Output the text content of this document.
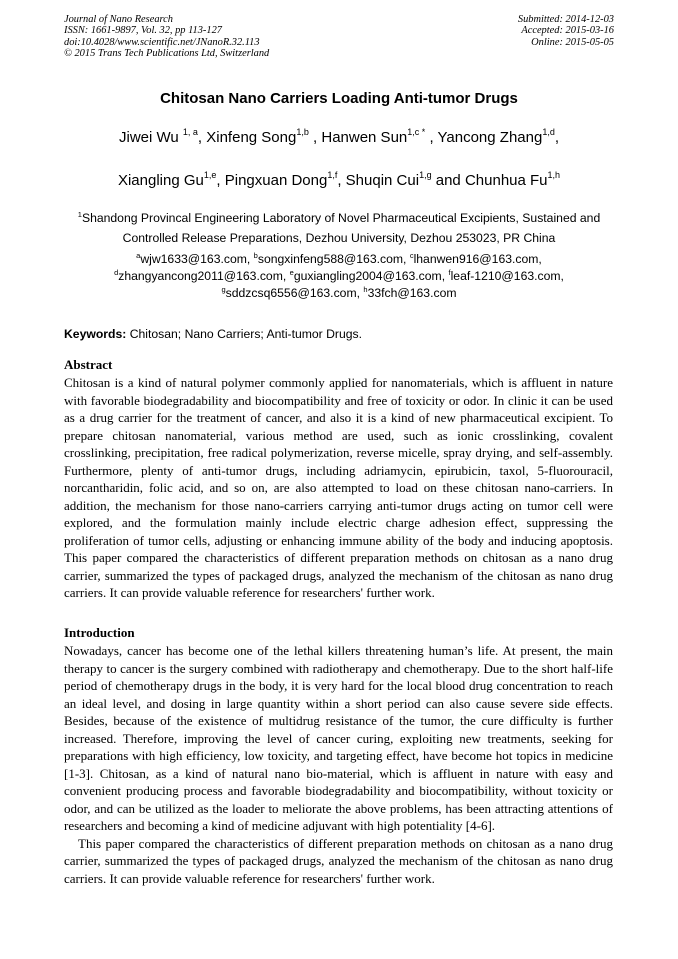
Journal of Nano Research
ISSN: 1661-9897, Vol. 32, pp 113-127
doi:10.4028/www.scientific.net/JNanoR.32.113
© 2015 Trans Tech Publications Ltd, Switzerland
Submitted: 2014-12-03
Accepted: 2015-03-16
Online: 2015-05-05
Chitosan Nano Carriers Loading Anti-tumor Drugs
Jiwei Wu $^{1, a}$, Xinfeng Song$^{1,b}$ , Hanwen Sun$^{1,c *}$ , Yancong Zhang$^{1,d}$,
Xiangling Gu$^{1,e}$, Pingxuan Dong$^{1,f}$, Shuqin Cui$^{1,g}$ and Chunhua Fu$^{1,h}$
$^1$Shandong Provincal Engineering Laboratory of Novel Pharmaceutical Excipients, Sustained and Controlled Release Preparations, Dezhou University, Dezhou 253023, PR China
$^a$wjw1633@163.com, $^b$songxinfeng588@163.com, $^c$lhanwen916@163.com,
$^d$zhangyancong2011@163.com, $^e$guxiangling2004@163.com, $^f$leaf-1210@163.com,
$^g$sddzcsq6556@163.com, $^h$33fch@163.com
Keywords: Chitosan; Nano Carriers; Anti-tumor Drugs.
Abstract

Chitosan is a kind of natural polymer commonly applied for nanomaterials, which is affluent in nature with favorable biodegradability and biocompatibility and free of toxicity or odor. In clinic it can be used as a drug carrier for the treatment of cancer, and also it is a kind of new pharmaceutical excipient. To prepare chitosan nanomaterial, various method are used, such as ionic crosslinking, covalent crosslinking, precipitation, free radical polymerization, reverse micelle, spray drying, and self-assembly. Furthermore, plenty of anti-tumor drugs, including adriamycin, epirubicin, taxol, 5-fluorouracil, norcantharidin, folic acid, and so on, are also attempted to load on these chitosan nano-carriers. In addition, the mechanism for those nano-carriers carrying anti-tumor drugs acting on tumor cell were explored, and the formulation mainly include electric charge adhesion effect, suppressing the proliferation of tumor cells, adjusting or enhancing immune ability of the body and inducing apoptosis. This paper compared the characteristics of different preparation methods on chitosan as a nano drug carrier, summarized the types of packaged drugs, analyzed the mechanism of the chitosan as nano drug carriers. It can provide valuable reference for researchers' further work.

Introduction

Nowadays, cancer has become one of the lethal killers threatening human’s life. At present, the main therapy to cancer is the surgery combined with radiotherapy and chemotherapy. Due to the short half-life period of chemotherapy drugs in the body, it is very hard for the local blood drug concentration to reach an ideal level, and dosing in large quantity within a short period can also cause severe side effects. Besides, because of the existence of multidrug resistance of the tumor, the cure difficulty is further increased. Therefore, improving the level of cancer curing, exploiting new treatments, seeking for preparations with high efficiency, low toxicity, and targeting effect, have become hot topics in medicine [1-3]. Chitosan, as a kind of natural nano bio-material, which is affluent in nature with easy and convenient producing process and favorable biodegradability and biocompatibility, without toxicity or odor, and can be utilized as the loader to meliorate the above problems, has been attracting attentions of researchers and becoming a kind of medicine adjuvant with high potentiality [4-6].

This paper compared the characteristics of different preparation methods on chitosan as a nano drug carrier, summarized the types of packaged drugs, analyzed the mechanism of the chitosan as nano drug carriers. It can provide valuable reference for researchers' further work.
